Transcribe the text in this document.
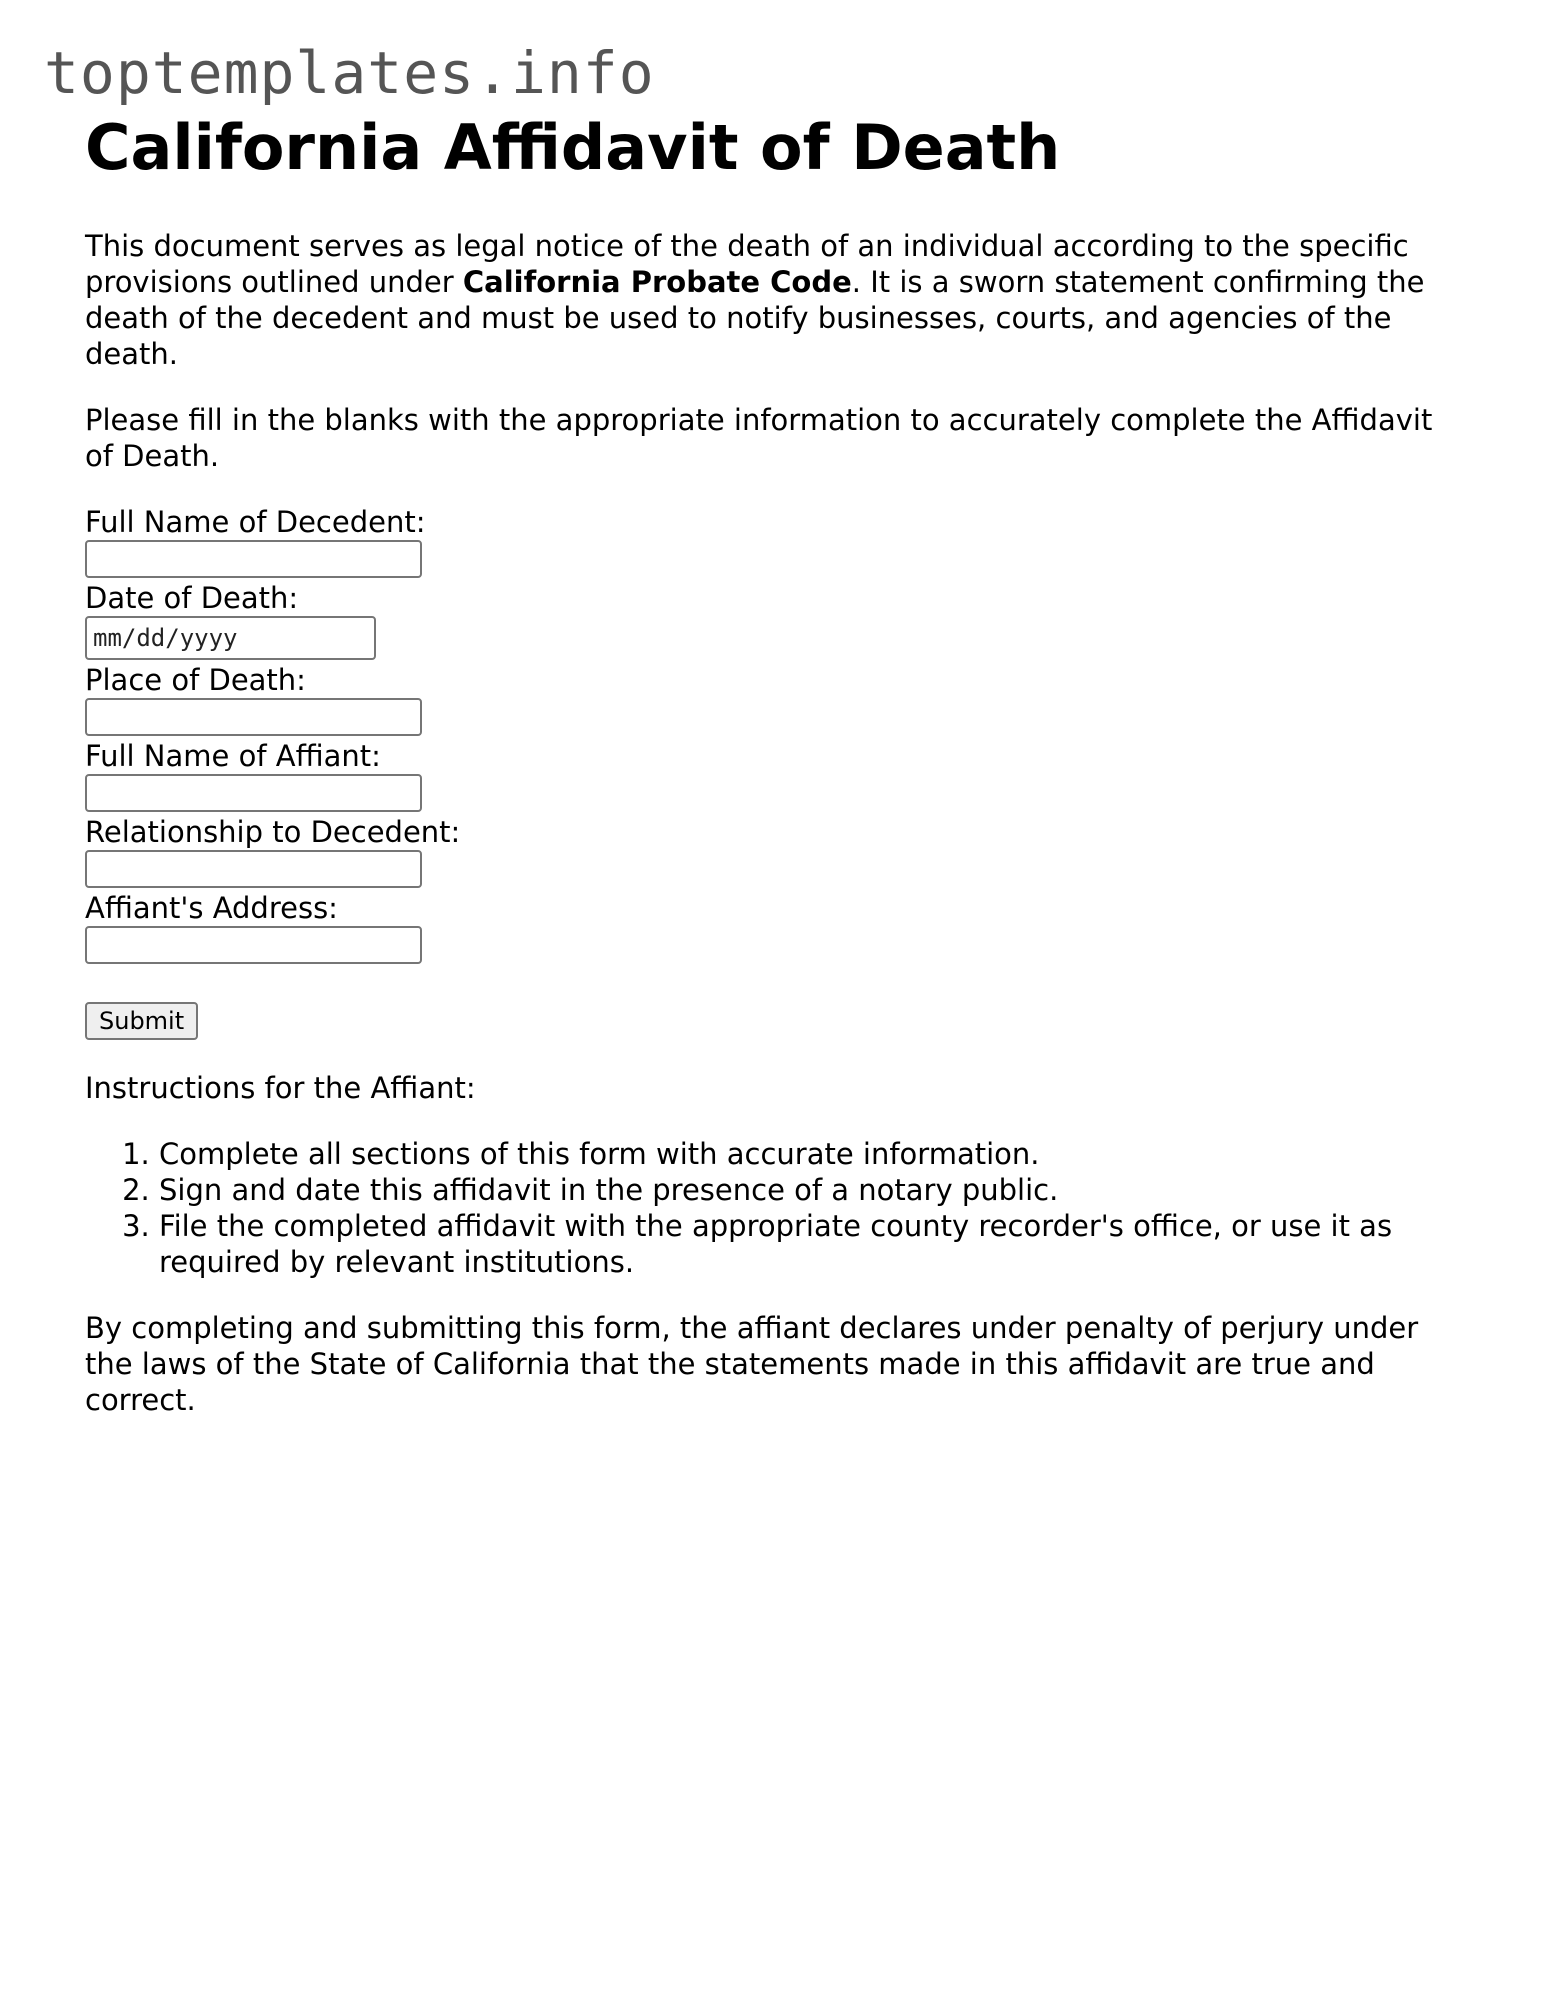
toptemplates.info
California Affidavit of Death

This document serves as legal notice of the death of an individual according to the specific provisions outlined under California Probate Code. It is a sworn statement confirming the death of the decedent and must be used to notify businesses, courts, and agencies of the death.

Please fill in the blanks with the appropriate information to accurately complete the Affidavit of Death.

Full Name of Decedent:
Date of Death:
mm/dd/yyyy
Place of Death:
Full Name of Affiant:
Relationship to Decedent:
Affiant's Address:
Submit

Instructions for the Affiant:

1. Complete all sections of this form with accurate information.
2. Sign and date this affidavit in the presence of a notary public.
3. File the completed affidavit with the appropriate county recorder's office, or use it as required by relevant institutions.

By completing and submitting this form, the affiant declares under penalty of perjury under the laws of the State of California that the statements made in this affidavit are true and correct.
